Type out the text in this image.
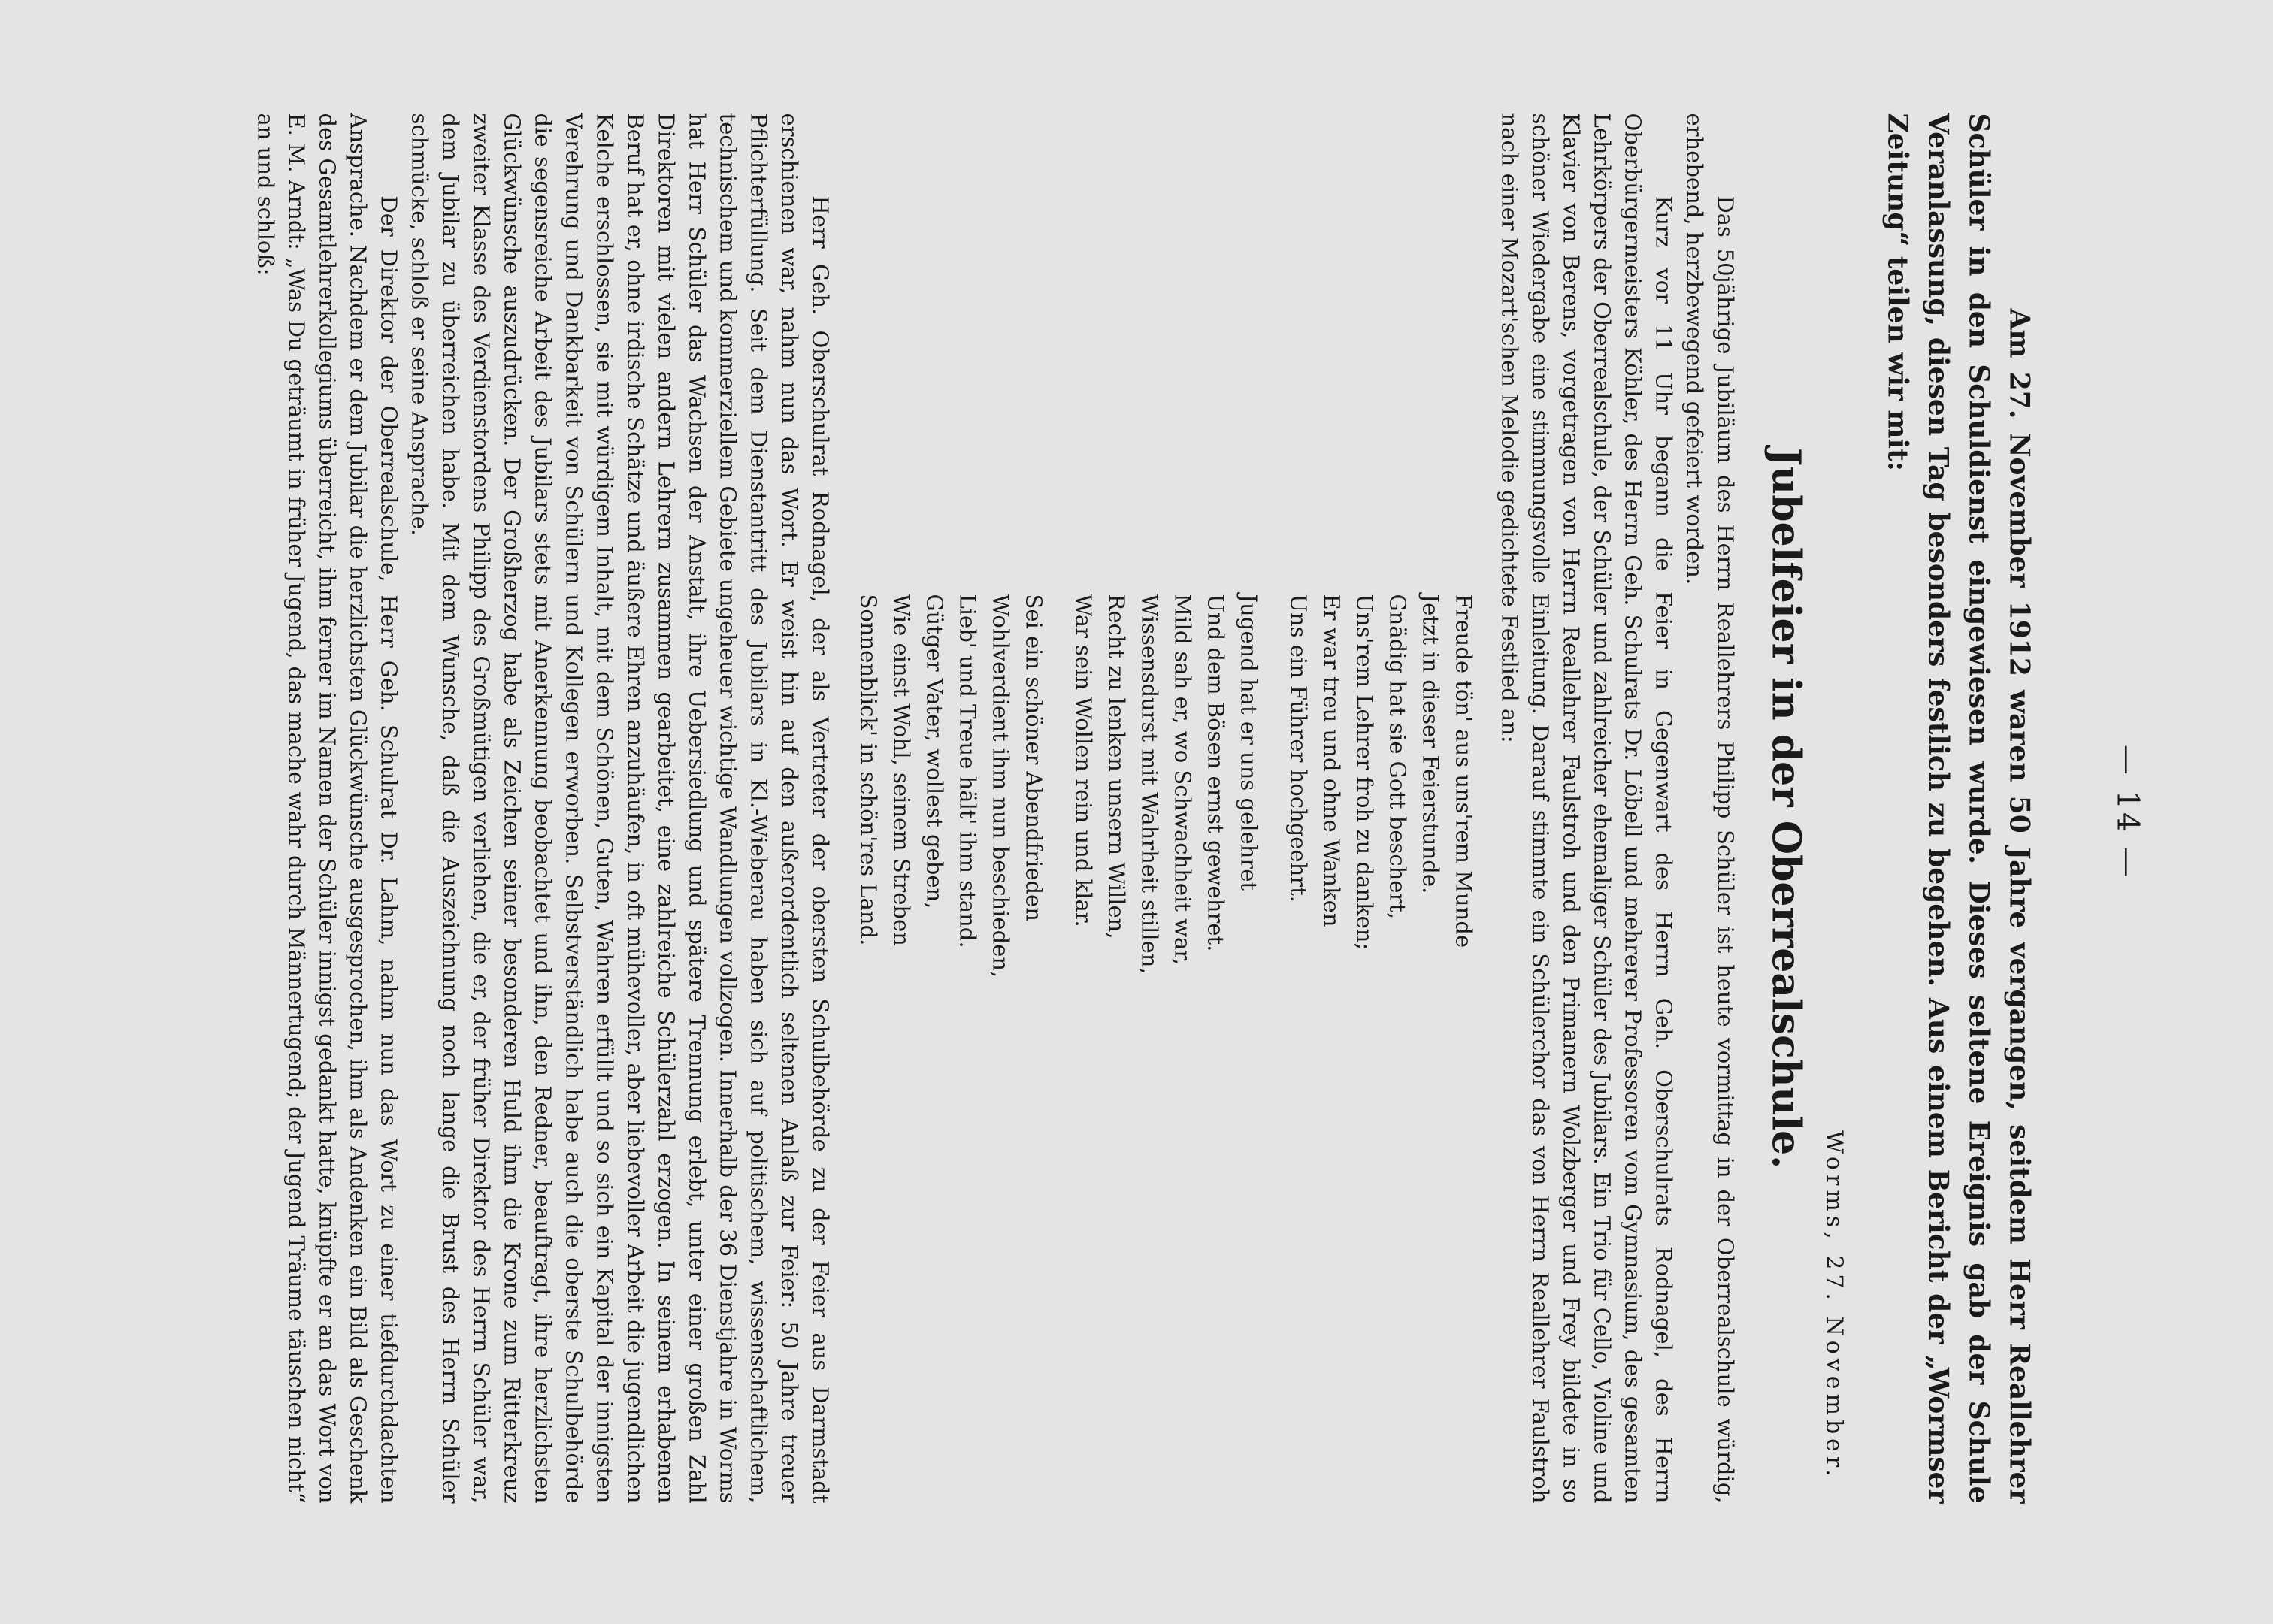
— 14 —

Am 27. November 1912 waren 50 Jahre vergangen, seitdem Herr Reallehrer Schüler in den Schuldienst eingewiesen wurde. Dieses seltene Ereignis gab der Schule Veranlassung, diesen Tag besonders festlich zu begehen. Aus einem Bericht der „Wormser Zeitung“ teilen wir mit:

Worms, 27. November.
Jubelfeier in der Oberrealschule.

Das 50jährige Jubiläum des Herrn Reallehrers Philipp Schüler ist heute vormittag in der Oberrealschule würdig, erhebend, herzbewegend gefeiert worden.

Kurz vor 11 Uhr begann die Feier in Gegenwart des Herrn Geh. Oberschulrats Rodnagel, des Herrn Oberbürgermeisters Köhler, des Herrn Geh. Schulrats Dr. Löbell und mehrerer Professoren vom Gymnasium, des gesamten Lehrkörpers der Oberrealschule, der Schüler und zahlreicher ehemaliger Schüler des Jubilars. Ein Trio für Cello, Violine und Klavier von Berens, vorgetragen von Herrn Reallehrer Faulstroh und den Primanern Wolzberger und Frey bildete in so schöner Wiedergabe eine stimmungsvolle Einleitung. Darauf stimmte ein Schülerchor das von Herrn Reallehrer Faulstroh nach einer Mozart'schen Melodie gedichtete Festlied an:

Freude tön' aus uns'rem Munde
Jetzt in dieser Feierstunde.
Gnädig hat sie Gott beschert,
Uns'rem Lehrer froh zu danken;
Er war treu und ohne Wanken
Uns ein Führer hochgeehrt.
Jugend hat er uns gelehret
Und dem Bösen ernst gewehret.
Mild sah er, wo Schwachheit war,
Wissensdurst mit Wahrheit stillen,
Recht zu lenken unsern Willen,
War sein Wollen rein und klar.
Sei ein schöner Abendfrieden
Wohlverdient ihm nun beschieden,
Lieb' und Treue hält' ihm stand.
Gütger Vater, wollest geben,
Wie einst Wohl, seinem Streben
Sonnenblick' in schön'res Land.

Herr Geh. Oberschulrat Rodnagel, der als Vertreter der obersten Schulbehörde zu der Feier aus Darmstadt erschienen war, nahm nun das Wort. Er weist hin auf den außerordentlich seltenen Anlaß zur Feier: 50 Jahre treuer Pflichterfüllung. Seit dem Dienstantritt des Jubilars in Kl.-Wieberau haben sich auf politischem, wissenschaftlichem, technischem und kommerziellem Gebiete ungeheuer wichtige Wandlungen vollzogen. Innerhalb der 36 Dienstjahre in Worms hat Herr Schüler das Wachsen der Anstalt, ihre Uebersiedlung und spätere Trennung erlebt, unter einer großen Zahl Direktoren mit vielen andern Lehrern zusammen gearbeitet, eine zahlreiche Schülerzahl erzogen. In seinem erhabenen Beruf hat er, ohne irdische Schätze und äußere Ehren anzuhäufen, in oft mühevoller, aber liebevoller Arbeit die jugendlichen Kelche erschlossen, sie mit würdigem Inhalt, mit dem Schönen, Guten, Wahren erfüllt und so sich ein Kapital der innigsten Verehrung und Dankbarkeit von Schülern und Kollegen erworben. Selbstverständlich habe auch die oberste Schulbehörde die segensreiche Arbeit des Jubilars stets mit Anerkennung beobachtet und ihn, den Redner, beauftragt, ihre herzlichsten Glückwünsche auszudrücken. Der Großherzog habe als Zeichen seiner besonderen Huld ihm die Krone zum Ritterkreuz zweiter Klasse des Verdienstordens Philipp des Großmütigen verliehen, die er, der früher Direktor des Herrn Schüler war, dem Jubilar zu überreichen habe. Mit dem Wunsche, daß die Auszeichnung noch lange die Brust des Herrn Schüler schmücke, schloß er seine Ansprache.

Der Direktor der Oberrealschule, Herr Geh. Schulrat Dr. Lahm, nahm nun das Wort zu einer tiefdurchdachten Ansprache. Nachdem er dem Jubilar die herzlichsten Glückwünsche ausgesprochen, ihm als Andenken ein Bild als Geschenk des Gesamtlehrerkollegiums überreicht, ihm ferner im Namen der Schüler innigst gedankt hatte, knüpfte er an das Wort von E. M. Arndt: „Was Du geträumt in früher Jugend, das mache wahr durch Männertugend; der Jugend Träume täuschen nicht“ an und schloß:
